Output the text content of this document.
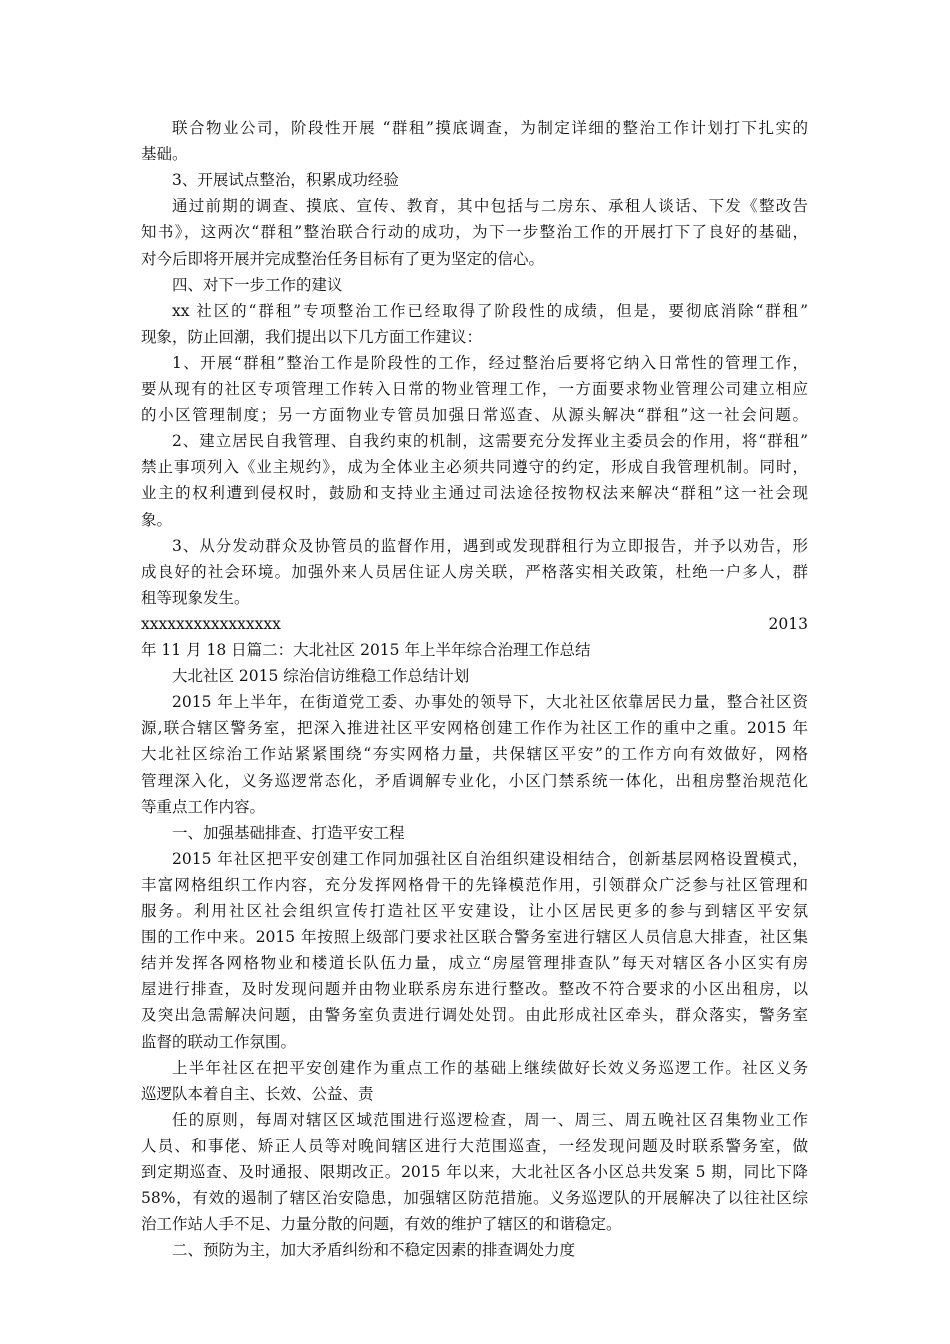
联合物业公司，阶段性开展 “群租”摸底调查，为制定详细的整治工作计划打下扎实的
基础。
3、开展试点整治，积累成功经验
通过前期的调查、摸底、宣传、教育，其中包括与二房东、承租人谈话、下发《整改告
知书》，这两次“群租”整治联合行动的成功，为下一步整治工作的开展打下了良好的基础，
对今后即将开展并完成整治任务目标有了更为坚定的信心。
四、对下一步工作的建议
xx 社区的“群租”专项整治工作已经取得了阶段性的成绩，但是，要彻底消除“群租”
现象，防止回潮，我们提出以下几方面工作建议：
1、开展“群租”整治工作是阶段性的工作，经过整治后要将它纳入日常性的管理工作，
要从现有的社区专项管理工作转入日常的物业管理工作，一方面要求物业管理公司建立相应
的小区管理制度；另一方面物业专管员加强日常巡查、从源头解决“群租”这一社会问题。
2、建立居民自我管理、自我约束的机制，这需要充分发挥业主委员会的作用，将“群租”
禁止事项列入《业主规约》，成为全体业主必须共同遵守的约定，形成自我管理机制。同时，
业主的权利遭到侵权时，鼓励和支持业主通过司法途径按物权法来解决“群租”这一社会现
象。
3、从分发动群众及协管员的监督作用，遇到或发现群租行为立即报告，并予以劝告，形
成良好的社会环境。加强外来人员居住证人房关联，严格落实相关政策，杜绝一户多人，群
租等现象发生。
xxxxxxxxxxxxxxxx	2013
年 11 月 18 日篇二：大北社区 2015 年上半年综合治理工作总结
大北社区 2015 综治信访维稳工作总结计划
2015 年上半年，在街道党工委、办事处的领导下，大北社区依靠居民力量，整合社区资
源,联合辖区警务室，把深入推进社区平安网格创建工作作为社区工作的重中之重。2015 年
大北社区综治工作站紧紧围绕“夯实网格力量，共保辖区平安”的工作方向有效做好，网格
管理深入化，义务巡逻常态化，矛盾调解专业化，小区门禁系统一体化，出租房整治规范化
等重点工作内容。
一、加强基础排查、打造平安工程
2015 年社区把平安创建工作同加强社区自治组织建设相结合，创新基层网格设置模式，
丰富网格组织工作内容，充分发挥网格骨干的先锋模范作用，引领群众广泛参与社区管理和
服务。利用社区社会组织宣传打造社区平安建设，让小区居民更多的参与到辖区平安氛
围的工作中来。2015 年按照上级部门要求社区联合警务室进行辖区人员信息大排查，社区集
结并发挥各网格物业和楼道长队伍力量，成立“房屋管理排查队”每天对辖区各小区实有房
屋进行排查，及时发现问题并由物业联系房东进行整改。整改不符合要求的小区出租房，以
及突出急需解决问题，由警务室负责进行调处处罚。由此形成社区牵头，群众落实，警务室
监督的联动工作氛围。
上半年社区在把平安创建作为重点工作的基础上继续做好长效义务巡逻工作。社区义务
巡逻队本着自主、长效、公益、责
任的原则，每周对辖区区域范围进行巡逻检查，周一、周三、周五晚社区召集物业工作
人员、和事佬、矫正人员等对晚间辖区进行大范围巡查，一经发现问题及时联系警务室，做
到定期巡查、及时通报、限期改正。2015 年以来，大北社区各小区总共发案 5 期，同比下降
58%，有效的遏制了辖区治安隐患，加强辖区防范措施。义务巡逻队的开展解决了以往社区综
治工作站人手不足、力量分散的问题，有效的维护了辖区的和谐稳定。
二、预防为主，加大矛盾纠纷和不稳定因素的排查调处力度
